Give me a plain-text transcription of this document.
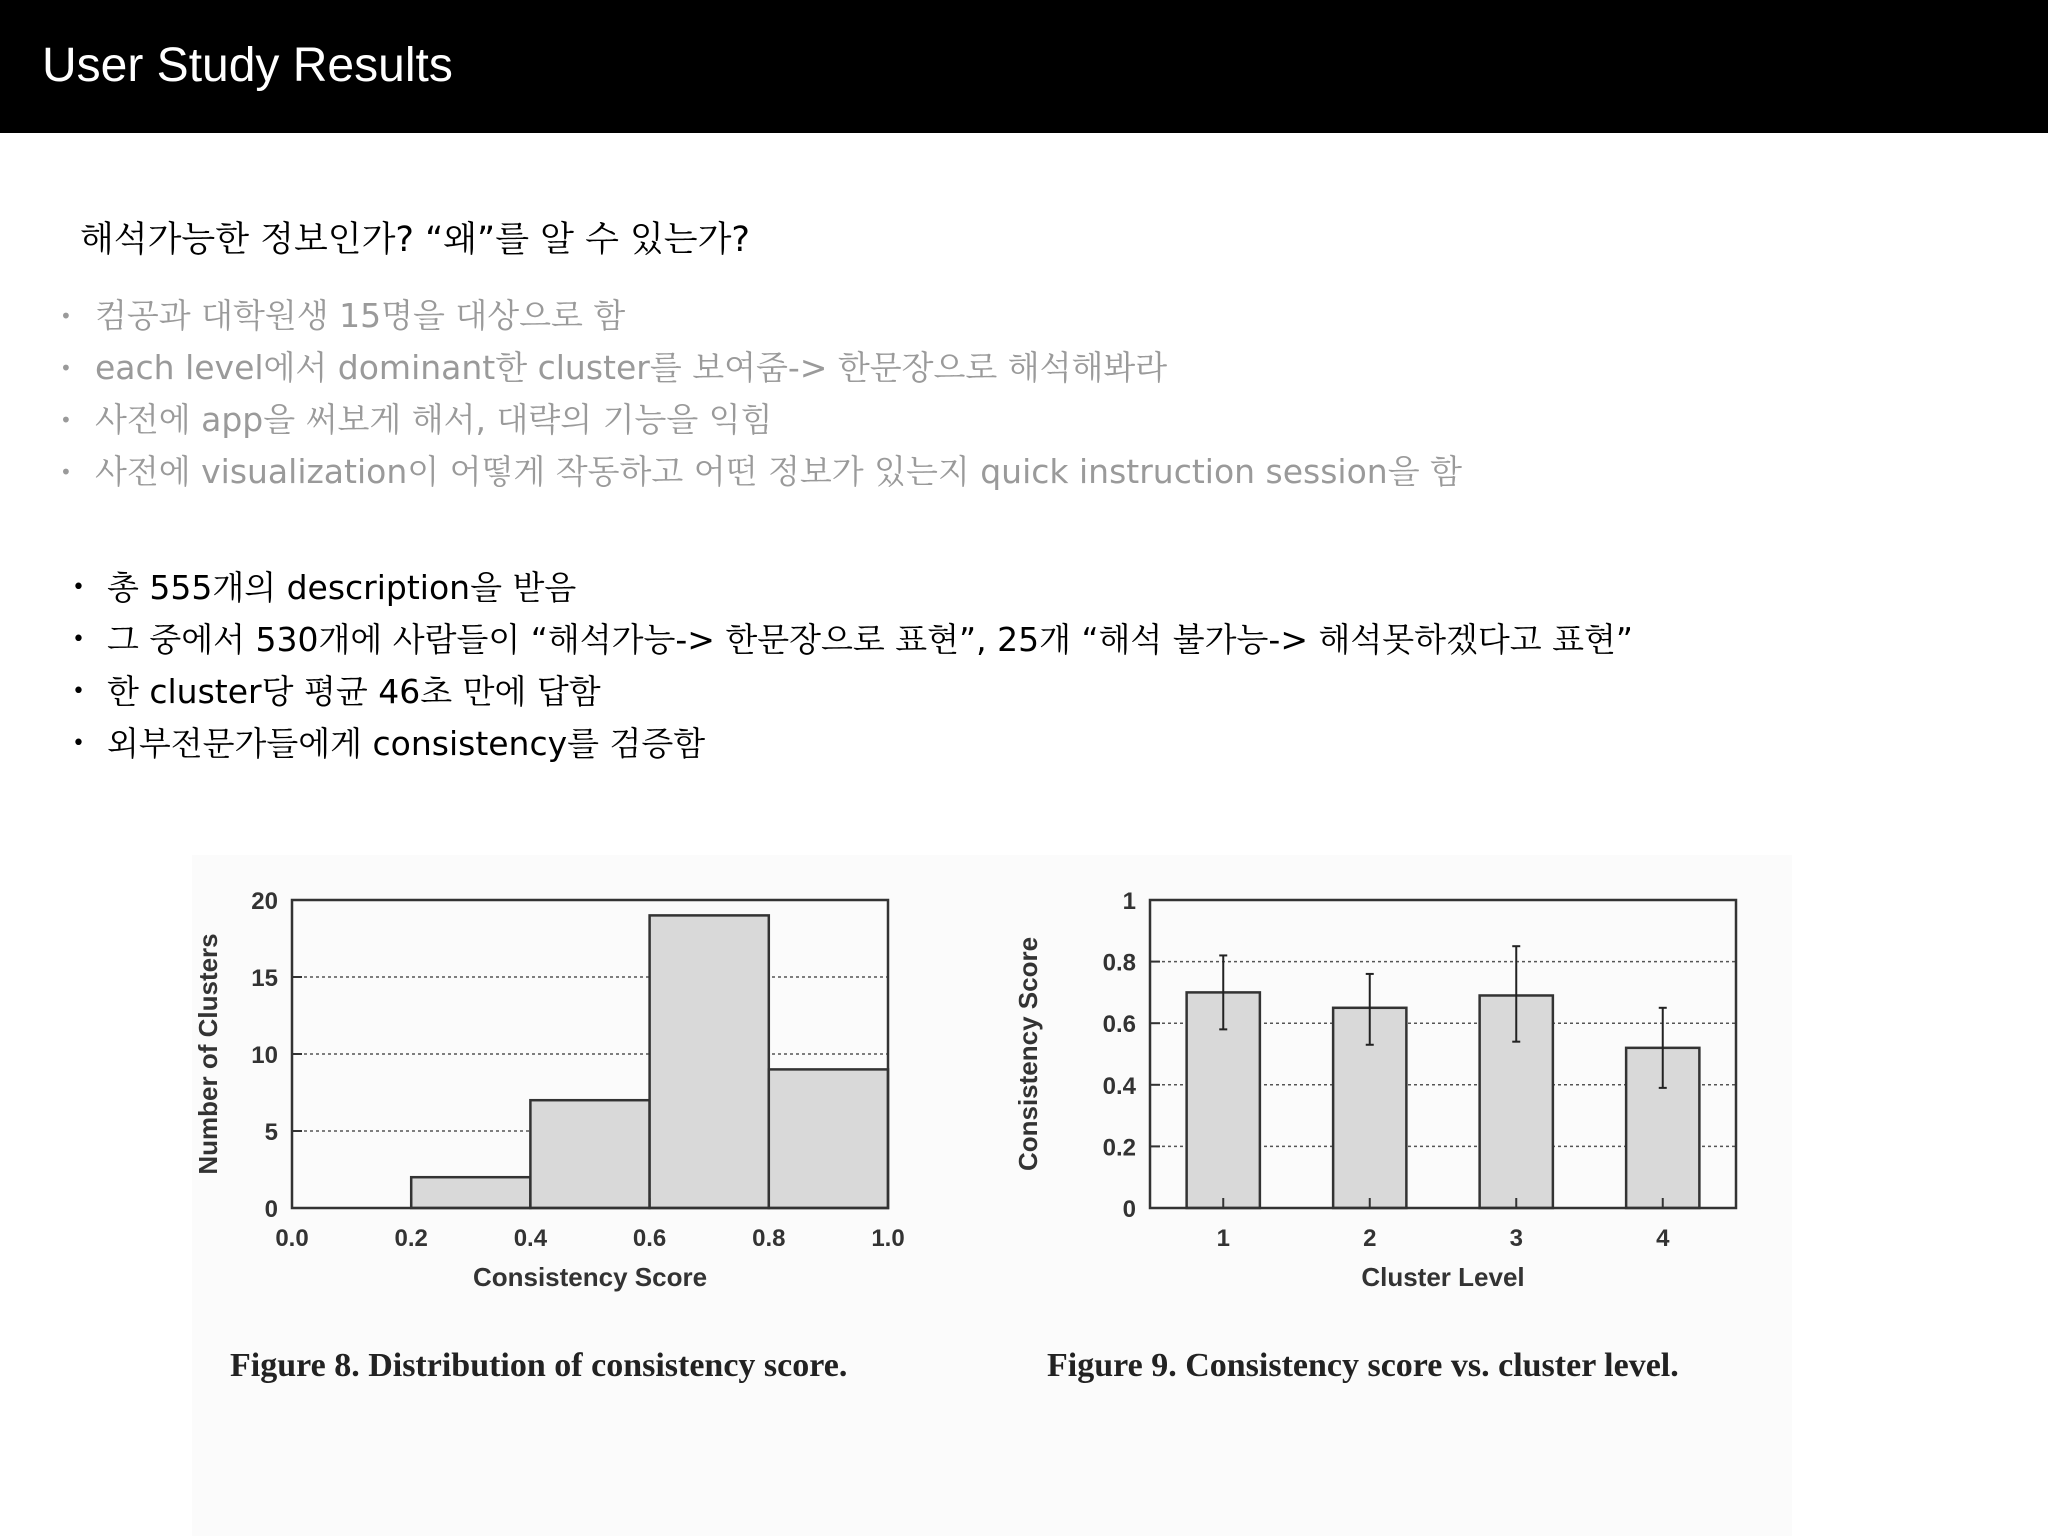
User Study Results
해석가능한 정보인가? “왜”를 알 수 있는가?
• 컴공과 대학원생 15명을 대상으로 함
• each level에서 dominant한 cluster를 보여줌-> 한문장으로 해석해봐라
• 사전에 app을 써보게 해서, 대략의 기능을 익힘
• 사전에 visualization이 어떻게 작동하고 어떤 정보가 있는지 quick instruction session을 함
• 총 555개의 description을 받음
• 그 중에서 530개에 사람들이 “해석가능-> 한문장으로 표현”, 25개 “해석 불가능-> 해석못하겠다고 표현”
• 한 cluster당 평균 46초 만에 답함
• 외부전문가들에게 consistency를 검증함
0
5
10
15
20
0.0	0.2	0.4	0.6	0.8	1.0
Consistency Score
Number of Clusters
0
0.2
0.4
0.6
0.8
1
1	2	3	4
Cluster Level
Consistency Score
Figure 8. Distribution of consistency score.	Figure 9. Consistency score vs. cluster level.
